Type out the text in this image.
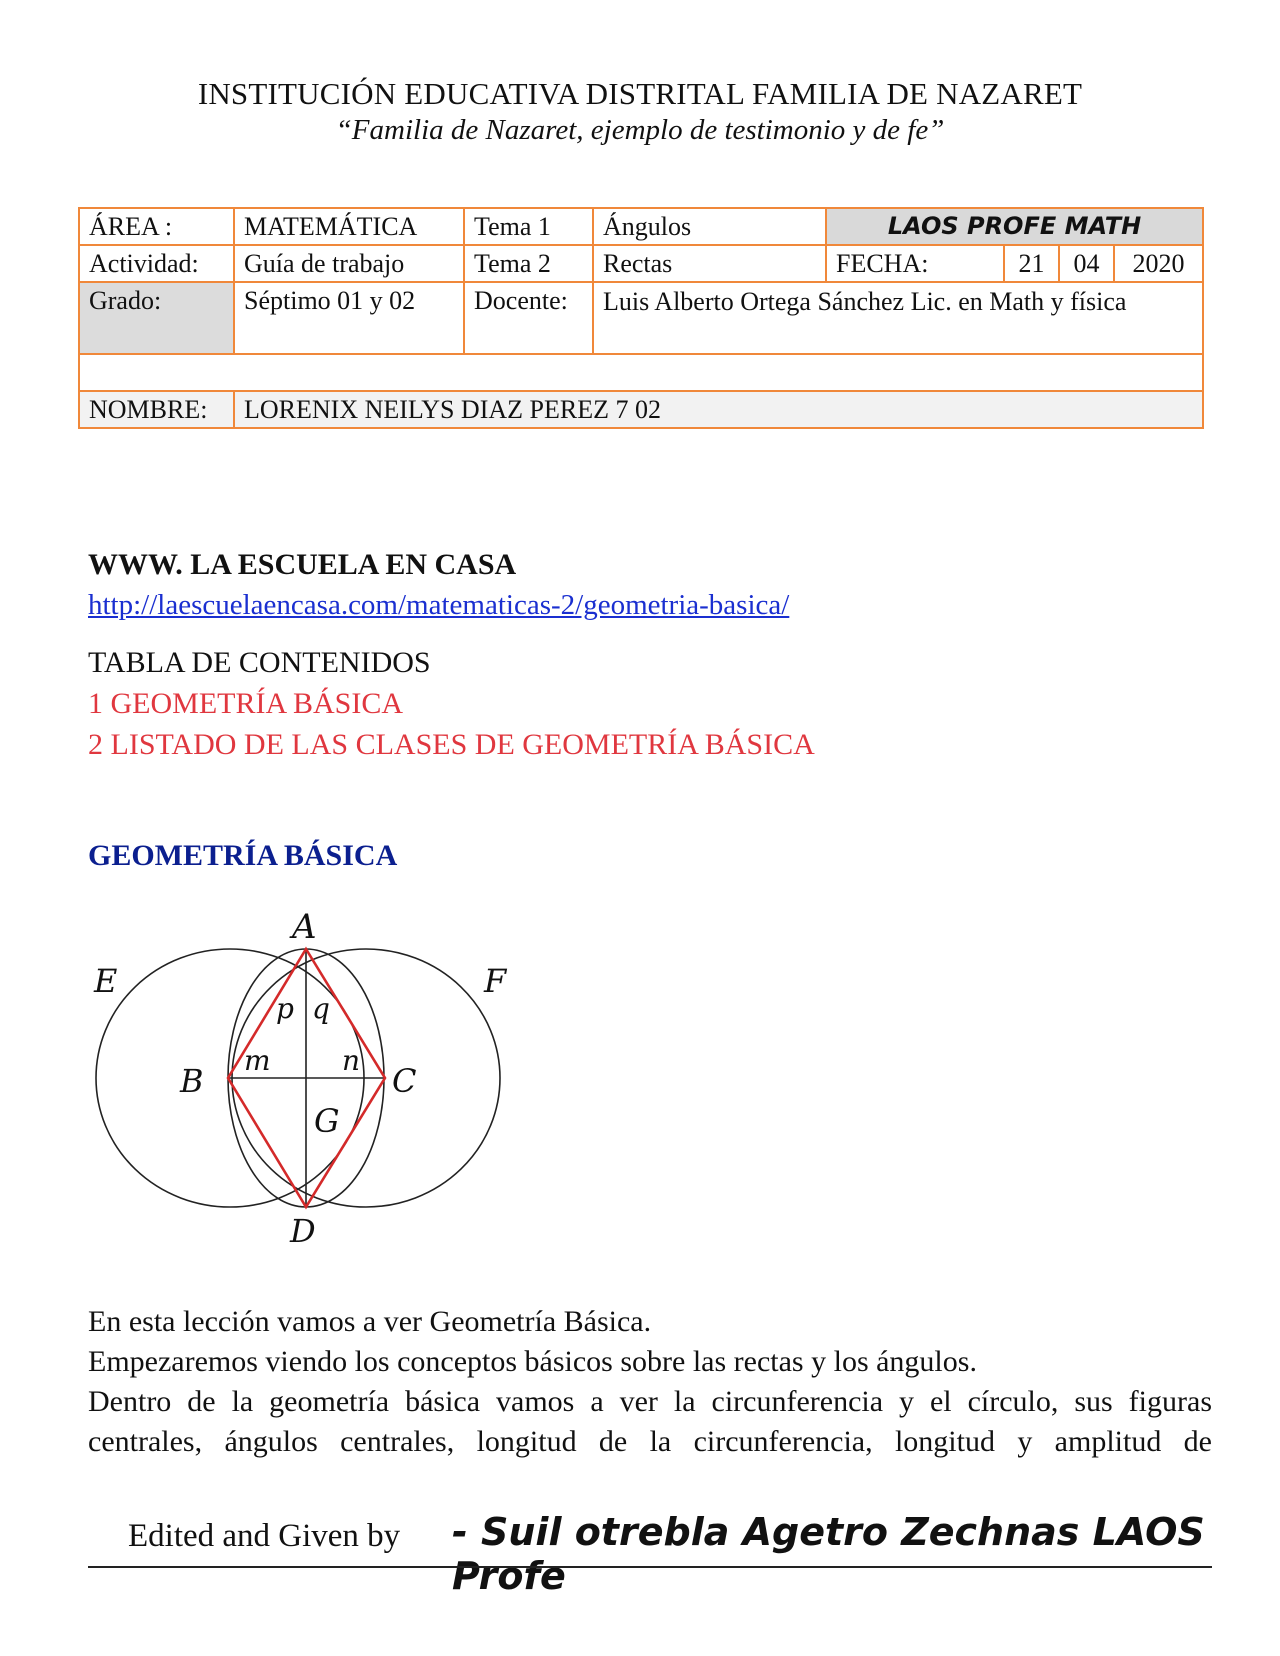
INSTITUCIÓN EDUCATIVA DISTRITAL FAMILIA DE NAZARET
“Familia de Nazaret, ejemplo de testimonio y de fe”
ÁREA :	MATEMÁTICA	Tema 1	Ángulos	LAOS PROFE MATH			
Actividad:	Guía de trabajo	Tema 2	Rectas	FECHA:	21	04	2020
Grado:	Séptimo 01 y 02	Docente:	Luis Alberto Ortega Sánchez Lic. en Math y física				

NOMBRE:	LORENIX NEILYS DIAZ PEREZ 7 02						
WWW. LA ESCUELA EN CASA
http://laescuelaencasa.com/matematicas-2/geometria-basica/
TABLA DE CONTENIDOS
1 GEOMETRÍA BÁSICA
2 LISTADO DE LAS CLASES DE GEOMETRÍA BÁSICA
GEOMETRÍA BÁSICA
A
E	F
p q
m	n
B	C
G
D
En esta lección vamos a ver Geometría Básica.
Empezaremos viendo los conceptos básicos sobre las rectas y los ángulos.
Dentro de la geometría básica vamos a ver la circunferencia y el círculo, sus figuras
centrales, ángulos centrales, longitud de la circunferencia, longitud y amplitud de
Edited and Given by - Suil otrebla Agetro Zechnas LAOS Profe
